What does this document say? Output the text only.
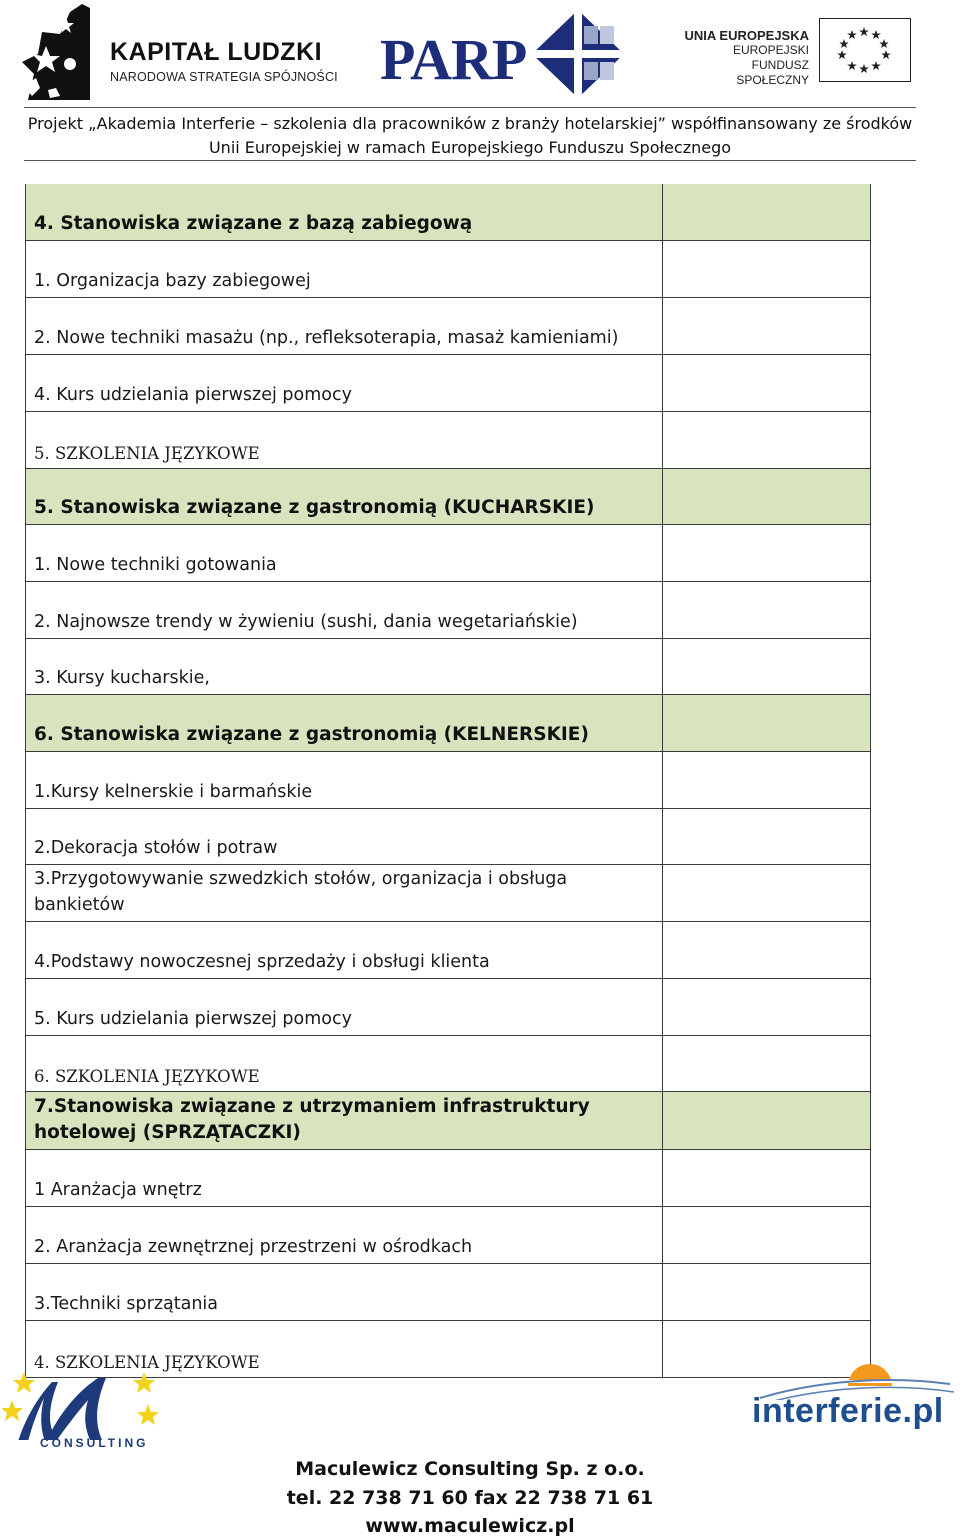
KAPITAŁ LUDZKI
NARODOWA STRATEGIA SPÓJNOŚCI PARP	UNIA EUROPEJSKA
EUROPEJSKI
FUNDUSZ SPOŁECZNY
Projekt „Akademia Interferie – szkolenia dla pracowników z branży hotelarskiej” współfinansowany ze środków
Unii Europejskiej w ramach Europejskiego Funduszu Społecznego
4. Stanowiska związane z bazą zabiegową
1. Organizacja bazy zabiegowej
2. Nowe techniki masażu (np., refleksoterapia, masaż kamieniami)
4. Kurs udzielania pierwszej pomocy
5. SZKOLENIA JĘZYKOWE
5. Stanowiska związane z gastronomią (KUCHARSKIE)
1. Nowe techniki gotowania
2. Najnowsze trendy w żywieniu (sushi, dania wegetariańskie)
3. Kursy kucharskie,
6. Stanowiska związane z gastronomią (KELNERSKIE)
1.Kursy kelnerskie i barmańskie
2.Dekoracja stołów i potraw
3.Przygotowywanie szwedzkich stołów, organizacja i obsługa bankietów
4.Podstawy nowoczesnej sprzedaży i obsługi klienta
5. Kurs udzielania pierwszej pomocy
6. SZKOLENIA JĘZYKOWE
7.Stanowiska związane z utrzymaniem infrastruktury hotelowej (SPRZĄTACZKI)
1 Aranżacja wnętrz
2. Aranżacja zewnętrznej przestrzeni w ośrodkach
3.Techniki sprzątania
4. SZKOLENIA JĘZYKOWE
CONSULTING
interferie.pl
Maculewicz Consulting Sp. z o.o.
tel. 22 738 71 60 fax 22 738 71 61
www.maculewicz.pl
